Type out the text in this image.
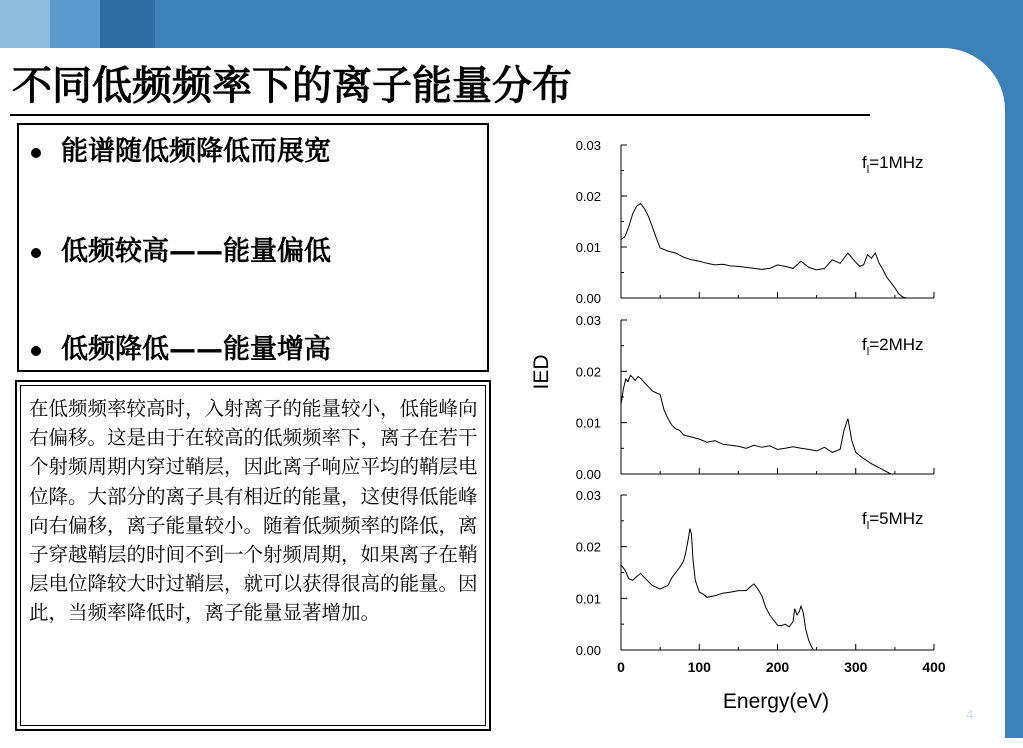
不同低频频率下的离子能量分布
能谱随低频降低而展宽
低频较高——能量偏低
低频降低——能量增高

在低频频率较高时，入射离子的能量较小，低能峰向右偏移。这是由于在较高的低频频率下，离子在若干个射频周期内穿过鞘层，因此离子响应平均的鞘层电位降。大部分的离子具有相近的能量，这使得低能峰向右偏移，离子能量较小。随着低频频率的降低，离子穿越鞘层的时间不到一个射频周期，如果离子在鞘层电位降较大时过鞘层，就可以获得很高的能量。因此，当频率降低时，离子能量显著增加。

0.00
0.01
0.02
0.03
$f_l=1MHz$
0.00
0.01
0.02
0.03
$f_l=2MHz$
0.00
0.01
0.02
0.03
0	100	200	300	400
$f_l=5MHz$
Energy(eV)
IED
4
